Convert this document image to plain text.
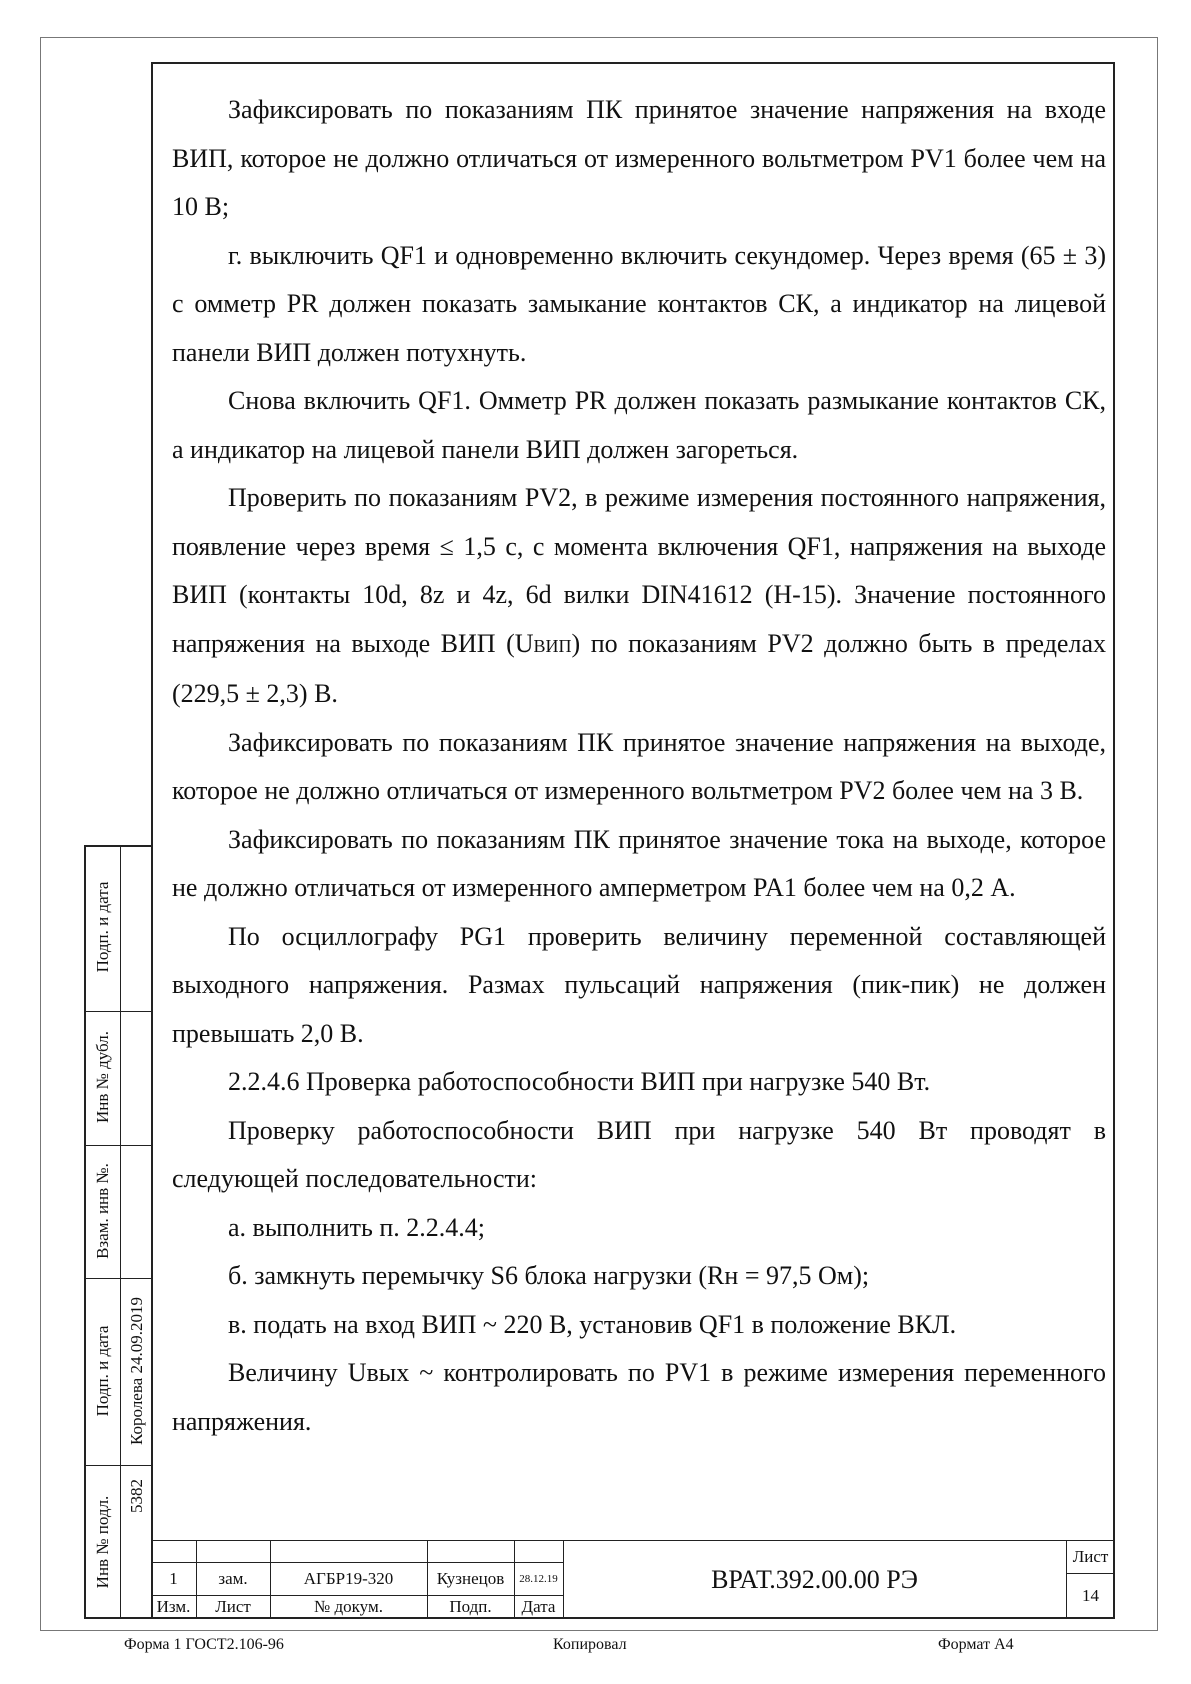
Зафиксировать по показаниям ПК принятое значение напряжения на входе ВИП, которое не должно отличаться от измеренного вольтметром PV1 более чем на 10 В;

г. выключить QF1 и одновременно включить секундомер. Через время (65 ± 3) с омметр PR должен показать замыкание контактов СК, а индикатор на лицевой панели ВИП должен потухнуть.

Снова включить QF1. Омметр PR должен показать размыкание контактов СК, а индикатор на лицевой панели ВИП должен загореться.

Проверить по показаниям PV2, в режиме измерения постоянного напряжения, появление через время ≤ 1,5 с, с момента включения QF1, напряжения на выходе ВИП (контакты 10d, 8z и 4z, 6d вилки DIN41612 (Н-15). Значение постоянного напряжения на выходе ВИП (UВИП) по показаниям PV2 должно быть в пределах (229,5 ± 2,3) В.

Зафиксировать по показаниям ПК принятое значение напряжения на выходе, которое не должно отличаться от измеренного вольтметром PV2 более чем на 3 В.

Зафиксировать по показаниям ПК принятое значение тока на выходе, которое не должно отличаться от измеренного амперметром PA1 более чем на 0,2 А.

По осциллографу PG1 проверить величину переменной составляющей выходного напряжения. Размах пульсаций напряжения (пик-пик) не должен превышать 2,0 В.

2.2.4.6 Проверка работоспособности ВИП при нагрузке 540 Вт.

Проверку работоспособности ВИП при нагрузке 540 Вт проводят в следующей последовательности:

а. выполнить п. 2.2.4.4;

б. замкнуть перемычку S6 блока нагрузки (Rн = 97,5 Ом);

в. подать на вход ВИП ~ 220 В, установив QF1 в положение ВКЛ.

Величину Uвых ~ контролировать по PV1 в режиме измерения переменного напряжения.

Подп. и дата
Инв № дубл.
Взам. инв №.
Подп. и дата Королева 24.09.2019
Инв № подл. 5382
1	зам.	АГБР19-320	Кузнецов	28.12.19
Изм.	Лист	№ докум.	Подп.	Дата
ВРАТ.392.00.00 РЭ
Лист
14
Форма 1 ГОСТ2.106-96	Копировал	Формат А4
